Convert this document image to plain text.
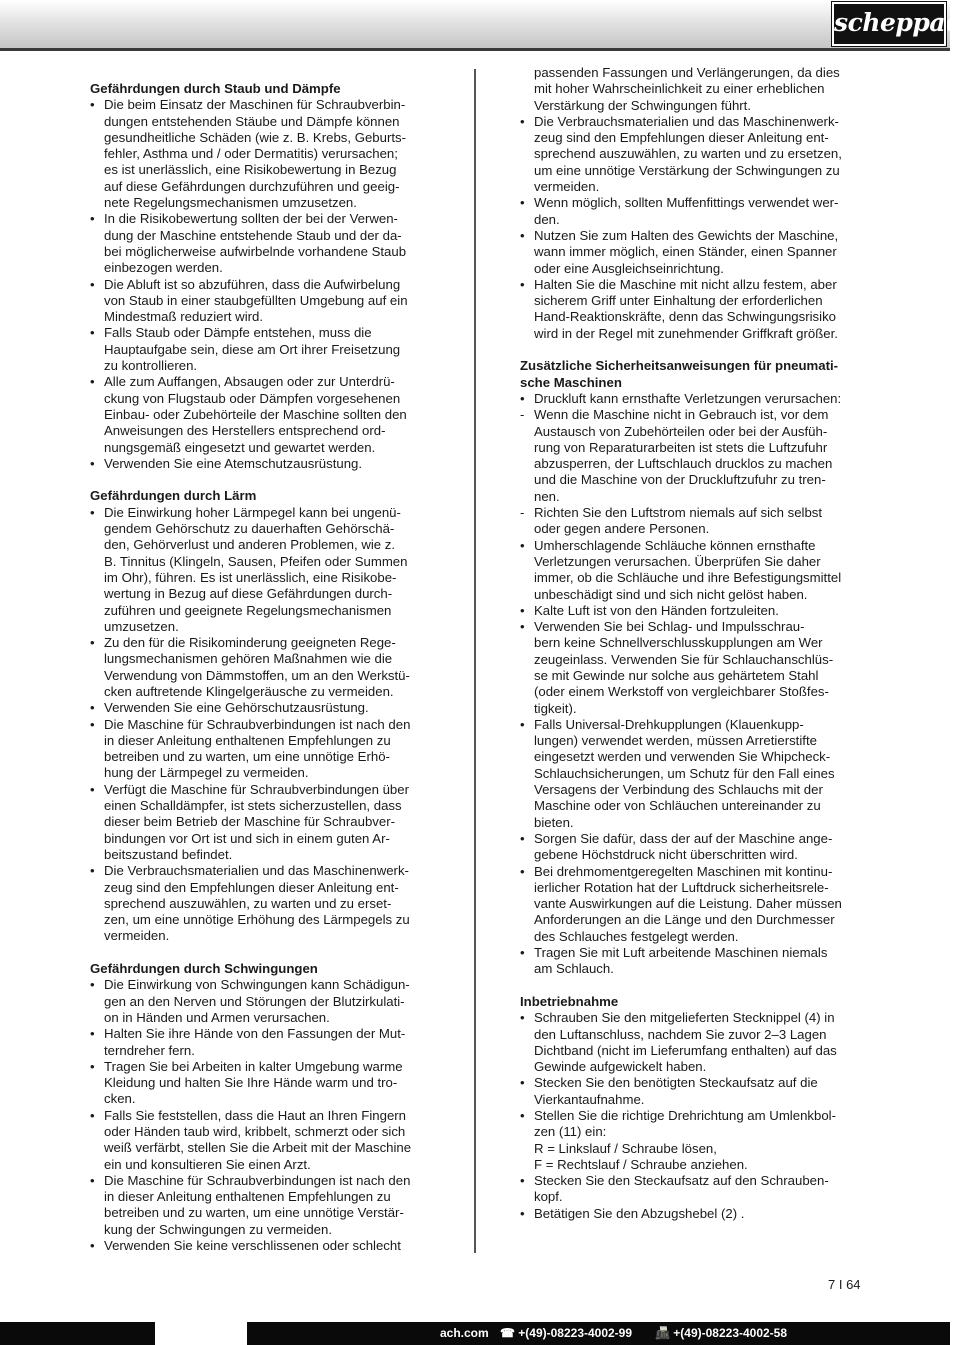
scheppach
Gefährdungen durch Staub und Dämpfe
• Die beim Einsatz der Maschinen für Schraubverbin-
dungen entstehenden Stäube und Dämpfe können
gesundheitliche Schäden (wie z. B. Krebs, Geburts-
fehler, Asthma und / oder Dermatitis) verursachen;
es ist unerlässlich, eine Risikobewertung in Bezug
auf diese Gefährdungen durchzuführen und geeig-
nete Regelungsmechanismen umzusetzen.
• In die Risikobewertung sollten der bei der Verwen-
dung der Maschine entstehende Staub und der da-
bei möglicherweise aufwirbelnde vorhandene Staub
einbezogen werden.
• Die Abluft ist so abzuführen, dass die Aufwirbelung
von Staub in einer staubgefüllten Umgebung auf ein
Mindestmaß reduziert wird.
• Falls Staub oder Dämpfe entstehen, muss die
Hauptaufgabe sein, diese am Ort ihrer Freisetzung
zu kontrollieren.
• Alle zum Auffangen, Absaugen oder zur Unterdrü-
ckung von Flugstaub oder Dämpfen vorgesehenen
Einbau- oder Zubehörteile der Maschine sollten den
Anweisungen des Herstellers entsprechend ord-
nungsgemäß eingesetzt und gewartet werden.
• Verwenden Sie eine Atemschutzausrüstung.
Gefährdungen durch Lärm
• Die Einwirkung hoher Lärmpegel kann bei ungenü-
gendem Gehörschutz zu dauerhaften Gehörschä-
den, Gehörverlust und anderen Problemen, wie z.
B. Tinnitus (Klingeln, Sausen, Pfeifen oder Summen
im Ohr), führen. Es ist unerlässlich, eine Risikobe-
wertung in Bezug auf diese Gefährdungen durch-
zuführen und geeignete Regelungsmechanismen
umzusetzen.
• Zu den für die Risikominderung geeigneten Rege-
lungsmechanismen gehören Maßnahmen wie die
Verwendung von Dämmstoffen, um an den Werkstü-
cken auftretende Klingelgeräusche zu vermeiden.
• Verwenden Sie eine Gehörschutzausrüstung.
• Die Maschine für Schraubverbindungen ist nach den
in dieser Anleitung enthaltenen Empfehlungen zu
betreiben und zu warten, um eine unnötige Erhö-
hung der Lärmpegel zu vermeiden.
• Verfügt die Maschine für Schraubverbindungen über
einen Schalldämpfer, ist stets sicherzustellen, dass
dieser beim Betrieb der Maschine für Schraubver-
bindungen vor Ort ist und sich in einem guten Ar-
beitszustand befindet.
• Die Verbrauchsmaterialien und das Maschinenwerk-
zeug sind den Empfehlungen dieser Anleitung ent-
sprechend auszuwählen, zu warten und zu erset-
zen, um eine unnötige Erhöhung des Lärmpegels zu
vermeiden.
Gefährdungen durch Schwingungen
• Die Einwirkung von Schwingungen kann Schädigun-
gen an den Nerven und Störungen der Blutzirkulati-
on in Händen und Armen verursachen.
• Halten Sie ihre Hände von den Fassungen der Mut-
terndreher fern.
• Tragen Sie bei Arbeiten in kalter Umgebung warme
Kleidung und halten Sie Ihre Hände warm und tro-
cken.
• Falls Sie feststellen, dass die Haut an Ihren Fingern
oder Händen taub wird, kribbelt, schmerzt oder sich
weiß verfärbt, stellen Sie die Arbeit mit der Maschine
ein und konsultieren Sie einen Arzt.
• Die Maschine für Schraubverbindungen ist nach den
in dieser Anleitung enthaltenen Empfehlungen zu
betreiben und zu warten, um eine unnötige Verstär-
kung der Schwingungen zu vermeiden.
• Verwenden Sie keine verschlissenen oder schlecht
passenden Fassungen und Verlängerungen, da dies
mit hoher Wahrscheinlichkeit zu einer erheblichen
Verstärkung der Schwingungen führt.
• Die Verbrauchsmaterialien und das Maschinenwerk-
zeug sind den Empfehlungen dieser Anleitung ent-
sprechend auszuwählen, zu warten und zu ersetzen,
um eine unnötige Verstärkung der Schwingungen zu
vermeiden.
• Wenn möglich, sollten Muffenfittings verwendet wer-
den.
• Nutzen Sie zum Halten des Gewichts der Maschine,
wann immer möglich, einen Ständer, einen Spanner
oder eine Ausgleichseinrichtung.
• Halten Sie die Maschine mit nicht allzu festem, aber
sicherem Griff unter Einhaltung der erforderlichen
Hand-Reaktionskräfte, denn das Schwingungsrisiko
wird in der Regel mit zunehmender Griffkraft größer.
Zusätzliche Sicherheitsanweisungen für pneumati-
sche Maschinen
• Druckluft kann ernsthafte Verletzungen verursachen:
- Wenn die Maschine nicht in Gebrauch ist, vor dem
Austausch von Zubehörteilen oder bei der Ausfüh-
rung von Reparaturarbeiten ist stets die Luftzufuhr
abzusperren, der Luftschlauch drucklos zu machen
und die Maschine von der Druckluftzufuhr zu tren-
nen.
- Richten Sie den Luftstrom niemals auf sich selbst
oder gegen andere Personen.
• Umherschlagende Schläuche können ernsthafte
Verletzungen verursachen. Überprüfen Sie daher
immer, ob die Schläuche und ihre Befestigungsmittel
unbeschädigt sind und sich nicht gelöst haben.
• Kalte Luft ist von den Händen fortzuleiten.
• Verwenden Sie bei Schlag- und Impulsschrau-
bern keine Schnellverschlusskupplungen am Wer
zeugeinlass. Verwenden Sie für Schlauchanschlüs-
se mit Gewinde nur solche aus gehärtetem Stahl
(oder einem Werkstoff von vergleichbarer Stoßfes-
tigkeit).
• Falls Universal-Drehkupplungen (Klauenkupp-
lungen) verwendet werden, müssen Arretierstifte
eingesetzt werden und verwenden Sie Whipcheck-
Schlauchsicherungen, um Schutz für den Fall eines
Versagens der Verbindung des Schlauchs mit der
Maschine oder von Schläuchen untereinander zu
bieten.
• Sorgen Sie dafür, dass der auf der Maschine ange-
gebene Höchstdruck nicht überschritten wird.
• Bei drehmomentgeregelten Maschinen mit kontinu-
ierlicher Rotation hat der Luftdruck sicherheitsrele-
vante Auswirkungen auf die Leistung. Daher müssen
Anforderungen an die Länge und den Durchmesser
des Schlauches festgelegt werden.
• Tragen Sie mit Luft arbeitende Maschinen niemals
am Schlauch.
Inbetriebnahme
• Schrauben Sie den mitgelieferten Stecknippel (4) in
den Luftanschluss, nachdem Sie zuvor 2–3 Lagen
Dichtband (nicht im Lieferumfang enthalten) auf das
Gewinde aufgewickelt haben.
• Stecken Sie den benötigten Steckaufsatz auf die
Vierkantaufnahme.
• Stellen Sie die richtige Drehrichtung am Umlenkbol-
zen (11) ein:
R = Linkslauf / Schraube lösen,
F = Rechtslauf / Schraube anziehen.
• Stecken Sie den Steckaufsatz auf den Schrauben-
kopf.
• Betätigen Sie den Abzugshebel (2) .
7 I 64
ach.com ☎ +(49)-08223-4002-99 📠 +(49)-08223-4002-58
